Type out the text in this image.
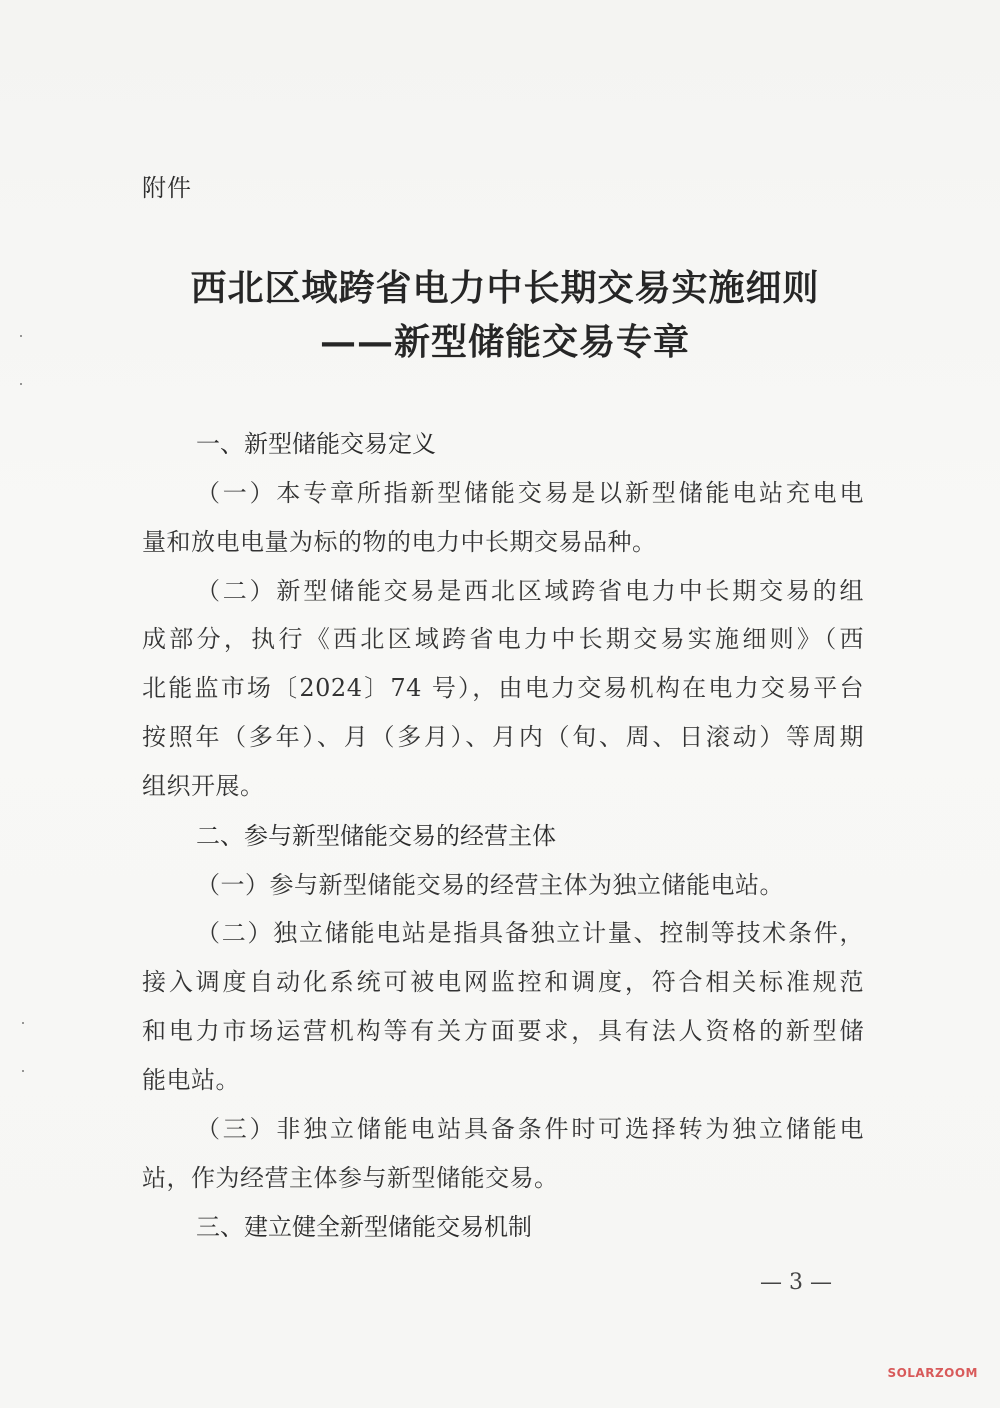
附件
西北区域跨省电力中长期交易实施细则
——新型储能交易专章
一、新型储能交易定义
（一）本专章所指新型储能交易是以新型储能电站充电电
量和放电电量为标的物的电力中长期交易品种。
（二）新型储能交易是西北区域跨省电力中长期交易的组
成部分，执行《西北区域跨省电力中长期交易实施细则》（西
北能监市场〔2024〕74 号），由电力交易机构在电力交易平台
按照年（多年）、月（多月）、月内（旬、周、日滚动）等周期
组织开展。
二、参与新型储能交易的经营主体
（一）参与新型储能交易的经营主体为独立储能电站。
（二）独立储能电站是指具备独立计量、控制等技术条件，
接入调度自动化系统可被电网监控和调度，符合相关标准规范
和电力市场运营机构等有关方面要求，具有法人资格的新型储
能电站。
（三）非独立储能电站具备条件时可选择转为独立储能电
站，作为经营主体参与新型储能交易。
三、建立健全新型储能交易机制
— 3 —
SOLARZOOM
